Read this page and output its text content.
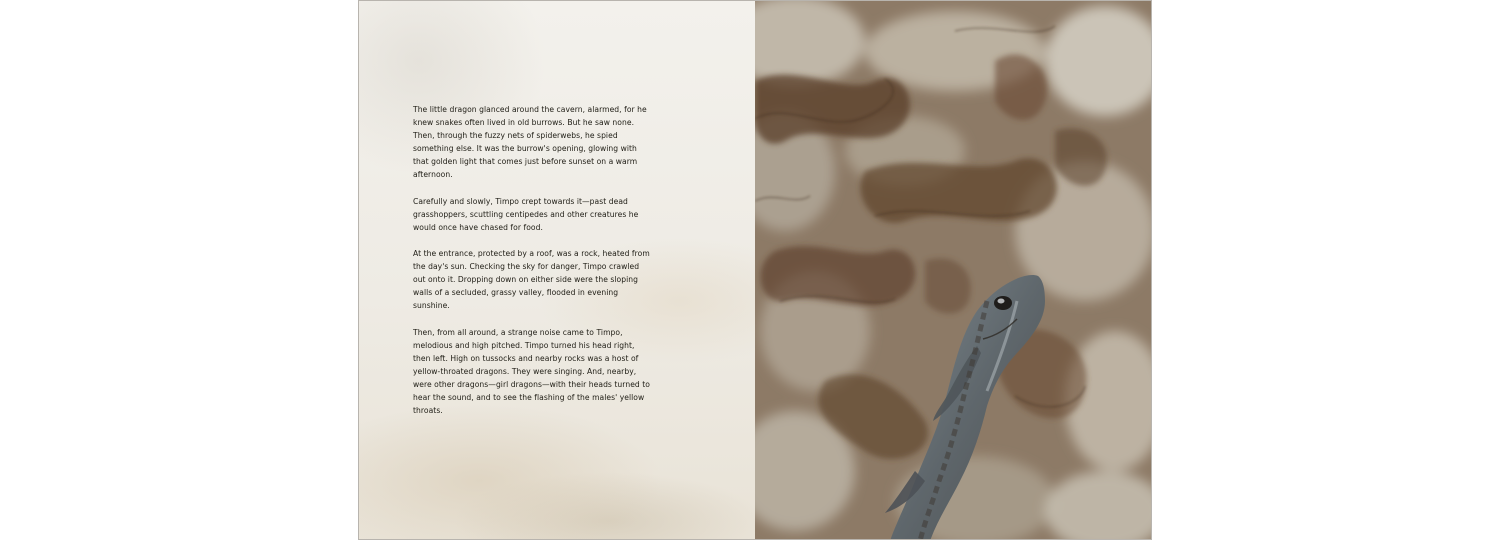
The little dragon glanced around the cavern, alarmed, for he knew snakes often lived in old burrows. But he saw none. Then, through the fuzzy nets of spiderwebs, he spied something else. It was the burrow's opening, glowing with that golden light that comes just before sunset on a warm afternoon.

Carefully and slowly, Timpo crept towards it—past dead grasshoppers, scuttling centipedes and other creatures he would once have chased for food.

At the entrance, protected by a roof, was a rock, heated from the day's sun. Checking the sky for danger, Timpo crawled out onto it. Dropping down on either side were the sloping walls of a secluded, grassy valley, flooded in evening sunshine.

Then, from all around, a strange noise came to Timpo, melodious and high pitched. Timpo turned his head right, then left. High on tussocks and nearby rocks was a host of yellow-throated dragons. They were singing. And, nearby, were other dragons—girl dragons—with their heads turned to hear the sound, and to see the flashing of the males' yellow throats.
